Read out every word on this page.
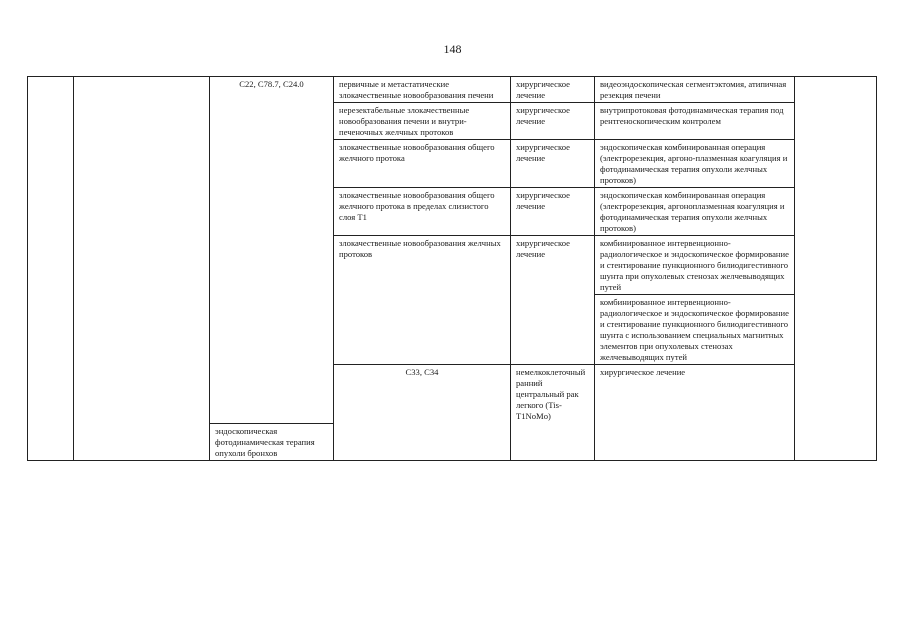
148
		C22, C78.7, C24.0	первичные и метастатические злокачественные новообразования печени	хирургическое лечение	видеоэндоскопическая сегментэктомия, атипичная резекция печени		
			нерезектабельные злокачественные новообразования печени и внутри-печеночных желчных протоков	хирургическое лечение	внутрипротоковая фотодинамическая терапия под рентгеноскопическим контролем		
			злокачественные новообразования общего желчного протока	хирургическое лечение	эндоскопическая комбинированная операция (электрорезекция, аргоно-плазменная коагуляция и фотодинамическая терапия опухоли желчных протоков)		
			злокачественные новообразования общего желчного протока в пределах слизистого слоя T1	хирургическое лечение	эндоскопическая комбинированная операция (электрорезекция, аргоноплазменная коагуляция и фотодинамическая терапия опухоли желчных протоков)		
			злокачественные новообразования желчных протоков	хирургическое лечение	комбинированное интервенционно-радиологическое и эндоскопическое формирование и стентирование пункционного билиодигестивного шунта при опухолевых стенозах желчевыводящих путей		
					комбинированное интервенционно-радиологическое и эндоскопическое формирование и стентирование пункционного билиодигестивного шунта с использованием специальных магнитных элементов при опухолевых стенозах желчевыводящих путей		
			C33, C34	немелкоклеточный ранний центральный рак легкого (Tis-T1NoMo)	хирургическое лечение	
		эндоскопическая фотодинамическая терапия опухоли бронхов					
